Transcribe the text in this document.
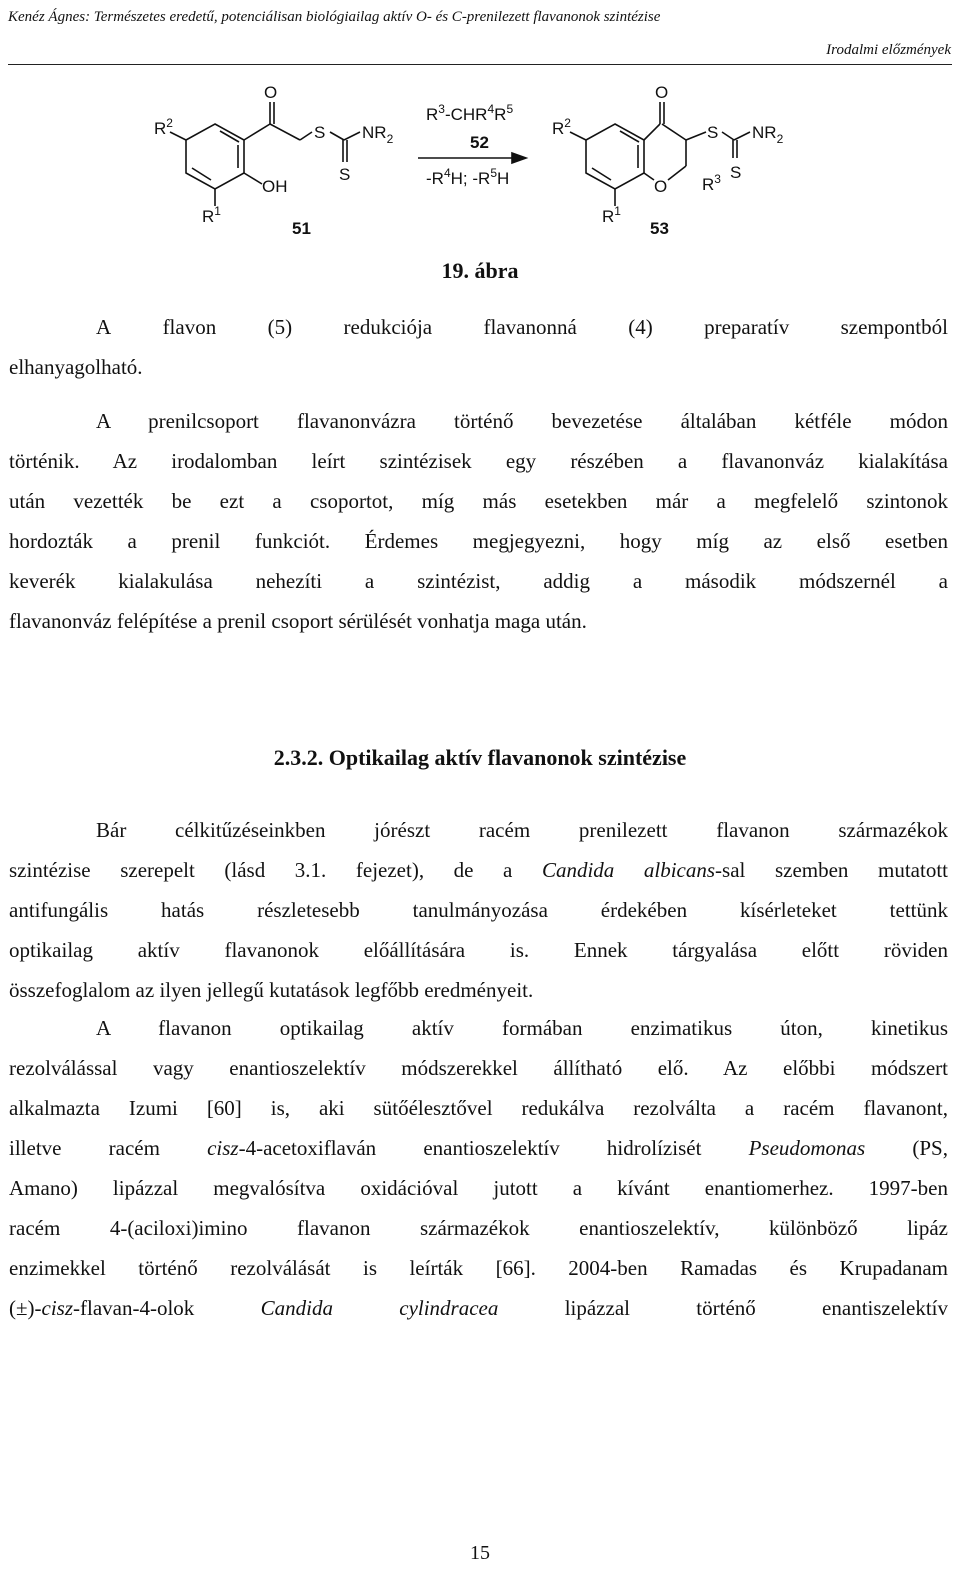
Kenéz Ágnes: Természetes eredetű, potenciálisan biológiailag aktív O- és C-prenilezett flavanonok szintézise
Irodalmi előzmények
$R^2$
O
S $NR_2$
S
OH
$R^1$
51
$R^3-CHR^4R^5$
52
$-R^4H$; $-R^5H$
$R^2$
O
O
S $NR_2$
$R^3$ S
$R^1$
53
19. ábra
A flavon (5) redukciója flavanonná (4) preparatív szempontból
elhanyagolható.
A prenilcsoport flavanonvázra történő bevezetése általában kétféle módon
történik. Az irodalomban leírt szintézisek egy részében a flavanonváz kialakítása
után vezették be ezt a csoportot, míg más esetekben már a megfelelő szintonok
hordozták a prenil funkciót. Érdemes megjegyezni, hogy míg az első esetben
keverék kialakulása nehezíti a szintézist, addig a második módszernél a
flavanonváz felépítése a prenil csoport sérülését vonhatja maga után.
2.3.2. Optikailag aktív flavanonok szintézise
Bár célkitűzéseinkben jórészt racém prenilezett flavanon származékok
szintézise szerepelt (lásd 3.1. fejezet), de a Candida albicans-sal szemben mutatott
antifungális hatás részletesebb tanulmányozása érdekében kísérleteket tettünk
optikailag aktív flavanonok előállítására is. Ennek tárgyalása előtt röviden
összefoglalom az ilyen jellegű kutatások legfőbb eredményeit.
A flavanon optikailag aktív formában enzimatikus úton, kinetikus
rezolválással vagy enantioszelektív módszerekkel állítható elő. Az előbbi módszert
alkalmazta Izumi [60] is, aki sütőélesztővel redukálva rezolválta a racém flavanont,
illetve racém cisz-4-acetoxiflaván enantioszelektív hidrolízisét Pseudomonas (PS,
Amano) lipázzal megvalósítva oxidációval jutott a kívánt enantiomerhez. 1997-ben
racém 4-(aciloxi)imino flavanon származékok enantioszelektív, különböző lipáz
enzimekkel történő rezolválását is leírták [66]. 2004-ben Ramadas és Krupadanam
(±)-cisz-flavan-4-olok Candida cylindracea lipázzal történő enantiszelektív
15
